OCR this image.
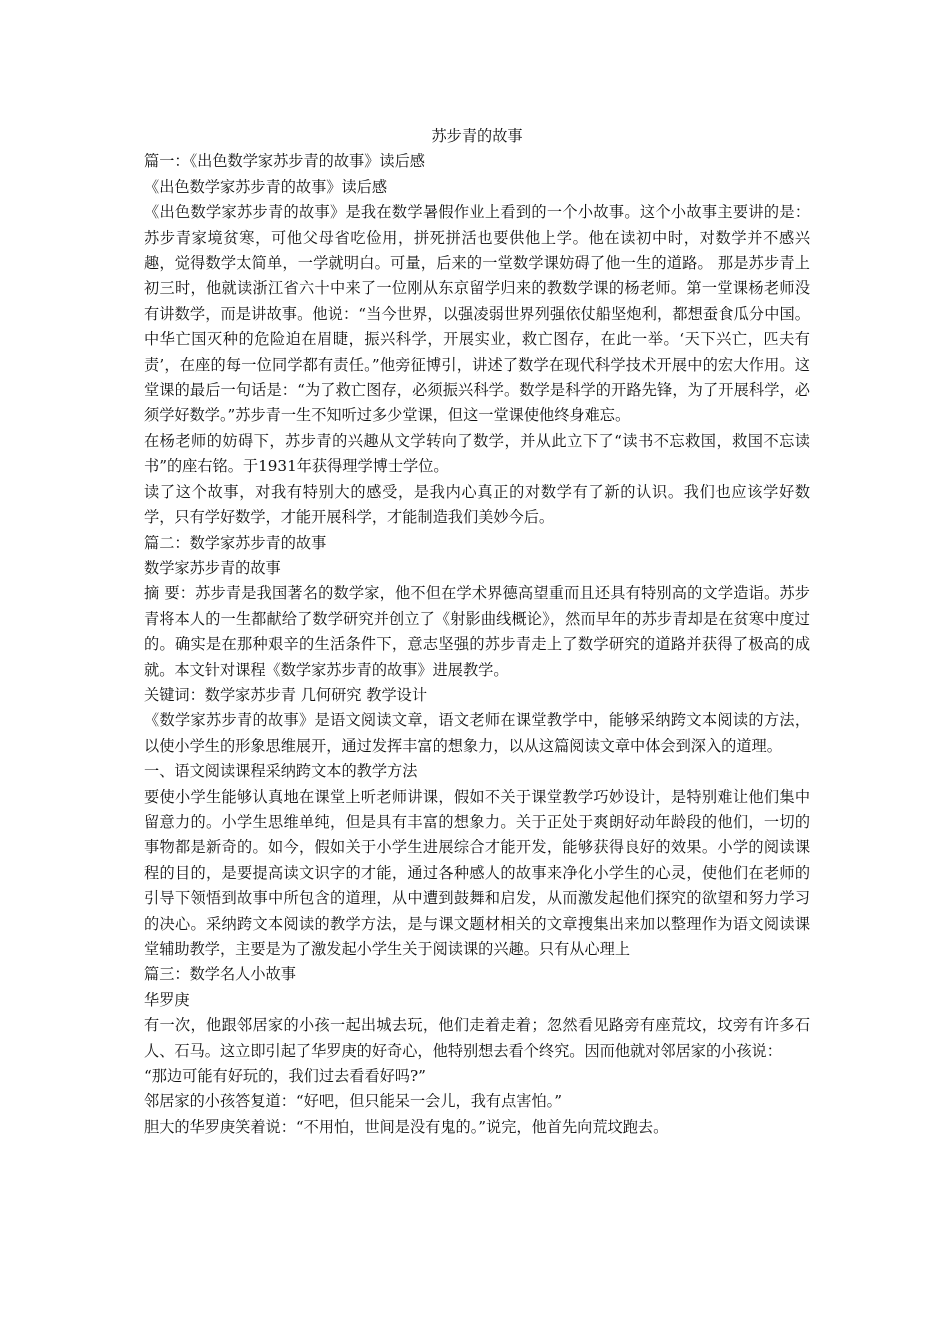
苏步青的故事

篇一：《出色数学家苏步青的故事》读后感

《出色数学家苏步青的故事》读后感

《出色数学家苏步青的故事》是我在数学暑假作业上看到的一个小故事。这个小故事主要讲的是：苏步青家境贫寒，可他父母省吃俭用，拼死拼活也要供他上学。他在读初中时，对数学并不感兴趣，觉得数学太简单，一学就明白。可量，后来的一堂数学课妨碍了他一生的道路。 那是苏步青上初三时，他就读浙江省六十中来了一位刚从东京留学归来的教数学课的杨老师。第一堂课杨老师没有讲数学，而是讲故事。他说：“当今世界，以强凌弱世界列强依仗船坚炮利，都想蚕食瓜分中国。中华亡国灭种的危险迫在眉睫，振兴科学，开展实业，救亡图存，在此一举。‘天下兴亡，匹夫有责’，在座的每一位同学都有责任。”他旁征博引，讲述了数学在现代科学技术开展中的宏大作用。这堂课的最后一句话是：“为了救亡图存，必须振兴科学。数学是科学的开路先锋，为了开展科学，必须学好数学。”苏步青一生不知听过多少堂课，但这一堂课使他终身难忘。

在杨老师的妨碍下，苏步青的兴趣从文学转向了数学，并从此立下了“读书不忘救国，救国不忘读书”的座右铭。于1931年获得理学博士学位。

读了这个故事，对我有特别大的感受，是我内心真正的对数学有了新的认识。我们也应该学好数学，只有学好数学，才能开展科学，才能制造我们美妙今后。

篇二：数学家苏步青的故事

数学家苏步青的故事

摘 要：苏步青是我国著名的数学家，他不但在学术界德高望重而且还具有特别高的文学造诣。苏步青将本人的一生都献给了数学研究并创立了《射影曲线概论》，然而早年的苏步青却是在贫寒中度过的。确实是在那种艰辛的生活条件下，意志坚强的苏步青走上了数学研究的道路并获得了极高的成就。本文针对课程《数学家苏步青的故事》进展教学。

关键词：数学家苏步青 几何研究 教学设计

《数学家苏步青的故事》是语文阅读文章，语文老师在课堂教学中，能够采纳跨文本阅读的方法，以使小学生的形象思维展开，通过发挥丰富的想象力，以从这篇阅读文章中体会到深入的道理。

一、语文阅读课程采纳跨文本的教学方法

要使小学生能够认真地在课堂上听老师讲课，假如不关于课堂教学巧妙设计，是特别难让他们集中留意力的。小学生思维单纯，但是具有丰富的想象力。关于正处于爽朗好动年龄段的他们，一切的事物都是新奇的。如今，假如关于小学生进展综合才能开发，能够获得良好的效果。小学的阅读课程的目的，是要提高读文识字的才能，通过各种感人的故事来净化小学生的心灵，使他们在老师的引导下领悟到故事中所包含的道理，从中遭到鼓舞和启发，从而激发起他们探究的欲望和努力学习的决心。采纳跨文本阅读的教学方法，是与课文题材相关的文章搜集出来加以整理作为语文阅读课堂辅助教学，主要是为了激发起小学生关于阅读课的兴趣。只有从心理上

篇三：数学名人小故事

华罗庚

有一次，他跟邻居家的小孩一起出城去玩，他们走着走着；忽然看见路旁有座荒坟，坟旁有许多石人、石马。这立即引起了华罗庚的好奇心，他特别想去看个终究。因而他就对邻居家的小孩说：

“那边可能有好玩的，我们过去看看好吗?”

邻居家的小孩答复道：“好吧，但只能呆一会儿，我有点害怕。”

胆大的华罗庚笑着说：“不用怕，世间是没有鬼的。”说完，他首先向荒坟跑去。
